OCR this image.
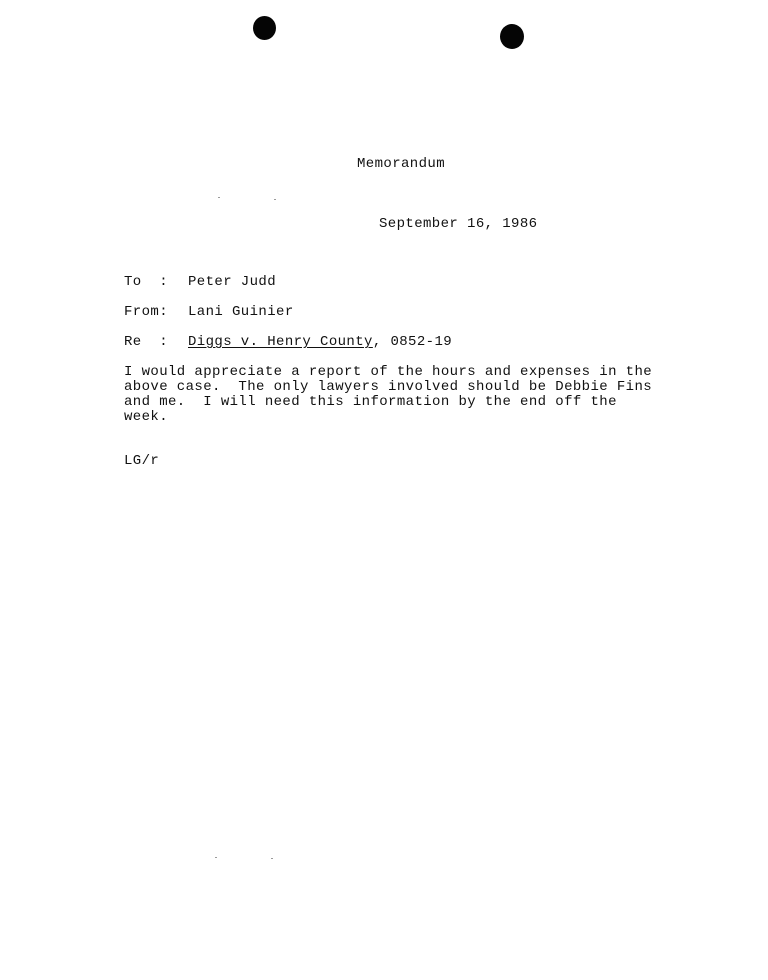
Memorandum
September 16, 1986
To  : Peter Judd
From: Lani Guinier
Re  : Diggs v. Henry County, 0852-19
I would appreciate a report of the hours and expenses in the
above case.  The only lawyers involved should be Debbie Fins
and me.  I will need this information by the end off the
week.
LG/r
